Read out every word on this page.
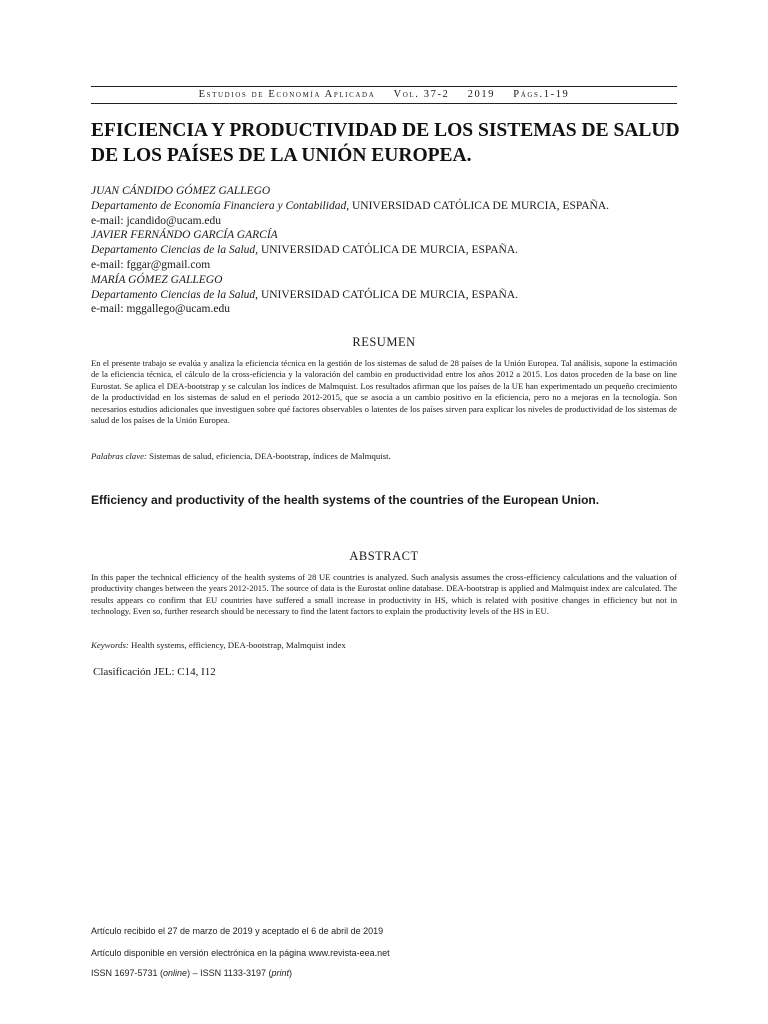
Estudios de Economía Aplicada Vol. 37-2 2019 Págs.1-19
EFICIENCIA Y PRODUCTIVIDAD DE LOS SISTEMAS DE SALUD DE LOS PAÍSES DE LA UNIÓN EUROPEA.
JUAN CÁNDIDO GÓMEZ GALLEGO
Departamento de Economía Financiera y Contabilidad, UNIVERSIDAD CATÓLICA DE MURCIA, ESPAÑA.
e-mail: jcandido@ucam.edu
JAVIER FERNÁNDO GARCÍA GARCÍA
Departamento Ciencias de la Salud, UNIVERSIDAD CATÓLICA DE MURCIA, ESPAÑA.
e-mail: fggar@gmail.com
MARÍA GÓMEZ GALLEGO
Departamento Ciencias de la Salud, UNIVERSIDAD CATÓLICA DE MURCIA, ESPAÑA.
e-mail: mggallego@ucam.edu
RESUMEN

En el presente trabajo se evalúa y analiza la eficiencia técnica en la gestión de los sistemas de salud de 28 países de la Unión Europea. Tal análisis, supone la estimación de la eficiencia técnica, el cálculo de la cross-eficiencia y la valoración del cambio en productividad entre los años 2012 a 2015. Los datos proceden de la base on line Eurostat. Se aplica el DEA-bootstrap y se calculan los índices de Malmquist. Los resultados afirman que los países de la UE han experimentado un pequeño crecimiento de la productividad en los sistemas de salud en el periodo 2012-2015, que se asocia a un cambio positivo en la eficiencia, pero no a mejoras en la tecnología. Son necesarios estudios adicionales que investiguen sobre qué factores observables o latentes de los países sirven para explicar los niveles de productividad de los sistemas de salud de los países de la Unión Europea.

Palabras clave: Sistemas de salud, eficiencia, DEA-bootstrap, índices de Malmquist.
Efficiency and productivity of the health systems of the countries of the European Union.
ABSTRACT

In this paper the technical efficiency of the health systems of 28 UE countries is analyzed. Such analysis assumes the cross-efficiency calculations and the valuation of productivity changes between the years 2012-2015. The source of data is the Eurostat online database. DEA-bootstrap is applied and Malmquist index are calculated. The results appears co confirm that EU countries have suffered a small increase in productivity in HS, which is related with positive changes in efficiency but not in technology. Even so, further research should be necessary to find the latent factors to explain the productivity levels of the HS in EU.

Keywords: Health systems, efficiency, DEA-bootstrap, Malmquist index
Clasificación JEL: C14, I12
Artículo recibido el 27 de marzo de 2019 y aceptado el 6 de abril de 2019
Artículo disponible en versión electrónica en la página www.revista-eea.net
ISSN 1697-5731 (online) – ISSN 1133-3197 (print)
